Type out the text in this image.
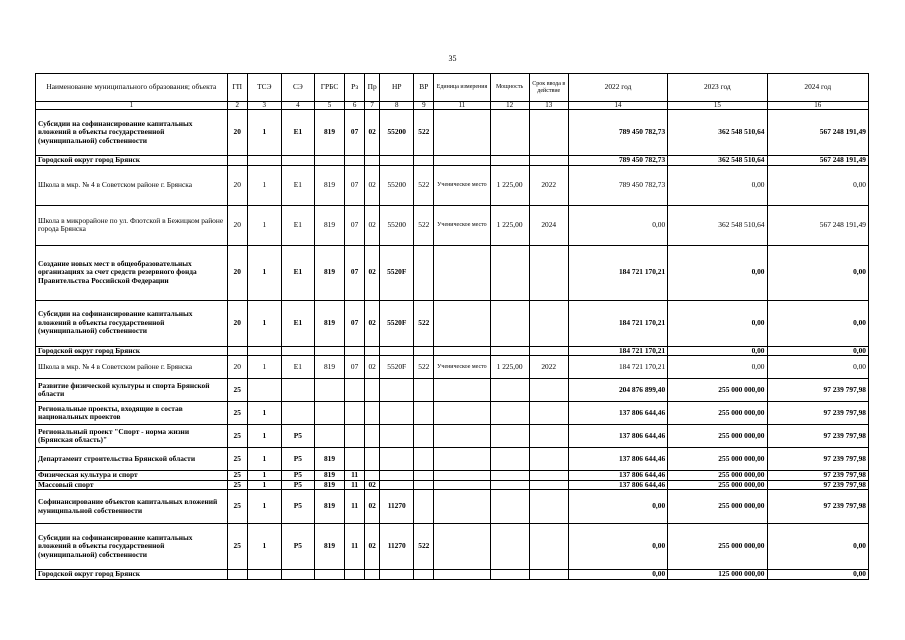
35
Наименование муниципального образования; объекта	ГП	ТСЭ	СЭ	ГРБС	Рз	Пр	НР	ВР	Единица измерения	Мощность	Срок ввода в действие	2022 год	2023 год	2024 год
1	2	3	4	5	6	7	8	9	11	12	13	14	15	16
Субсидии на софинансирование капитальных вложений в объекты государственной (муниципальной) собственности	20	1	E1	819	07	02	55200	522				789 450 782,73	362 548 510,64	567 248 191,49
Городской округ город Брянск												789 450 782,73	362 548 510,64	567 248 191,49
Школа в мкр. № 4 в Советском районе г. Брянска	20	1	E1	819	07	02	55200	522	Ученическое место	1 225,00	2022	789 450 782,73	0,00	0,00
Школа в микрорайоне по ул. Флотской в Бежицком районе города Брянска	20	1	E1	819	07	02	55200	522	Ученическое место	1 225,00	2024	0,00	362 548 510,64	567 248 191,49
Создание новых мест в общеобразовательных организациях за счет средств резервного фонда Правительства Российской Федерации	20	1	E1	819	07	02	5520F					184 721 170,21	0,00	0,00
Субсидии на софинансирование капитальных вложений в объекты государственной (муниципальной) собственности	20	1	E1	819	07	02	5520F	522				184 721 170,21	0,00	0,00
Городской округ город Брянск												184 721 170,21	0,00	0,00
Школа в мкр. № 4 в Советском районе г. Брянска	20	1	E1	819	07	02	5520F	522	Ученическое место	1 225,00	2022	184 721 170,21	0,00	0,00
Развитие физической культуры и спорта Брянской области	25											204 876 899,40	255 000 000,00	97 239 797,98
Региональные проекты, входящие в состав национальных проектов	25	1										137 806 644,46	255 000 000,00	97 239 797,98
Региональный проект "Спорт - норма жизни (Брянская область)"	25	1	P5									137 806 644,46	255 000 000,00	97 239 797,98
Департамент строительства Брянской области	25	1	P5	819								137 806 644,46	255 000 000,00	97 239 797,98
Физическая культура и спорт	25	1	P5	819	11							137 806 644,46	255 000 000,00	97 239 797,98
Массовый спорт	25	1	P5	819	11	02						137 806 644,46	255 000 000,00	97 239 797,98
Софинансирование объектов капитальных вложений муниципальной собственности	25	1	P5	819	11	02	11270					0,00	255 000 000,00	97 239 797,98
Субсидии на софинансирование капитальных вложений в объекты государственной (муниципальной) собственности	25	1	P5	819	11	02	11270	522				0,00	255 000 000,00	0,00
Городской округ город Брянск												0,00	125 000 000,00	0,00
